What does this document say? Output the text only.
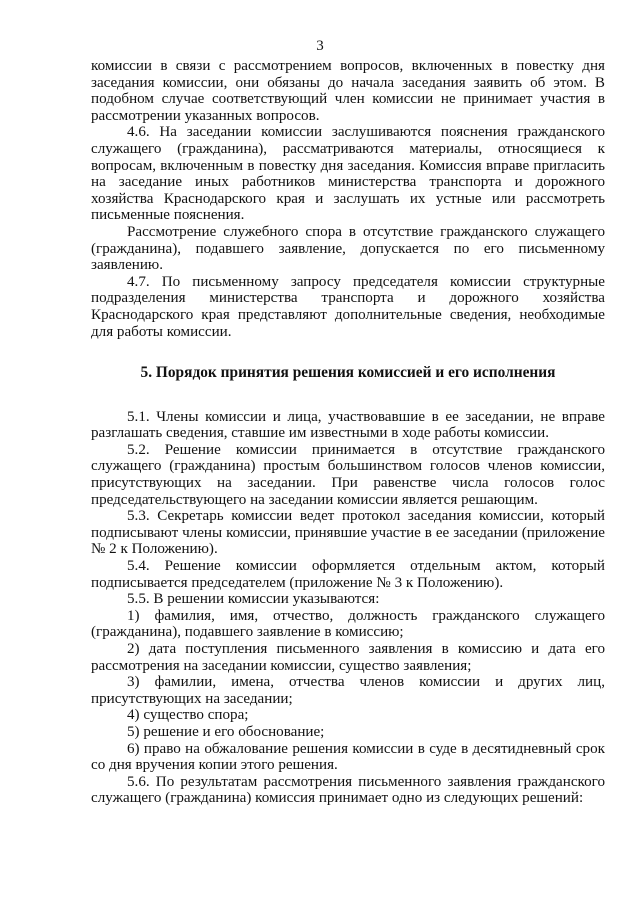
3

комиссии в связи с рассмотрением вопросов, включенных в повестку дня заседания комиссии, они обязаны до начала заседания заявить об этом. В подобном случае соответствующий член комиссии не принимает участия в рассмотрении указанных вопросов.

4.6. На заседании комиссии заслушиваются пояснения гражданского служащего (гражданина), рассматриваются материалы, относящиеся к вопросам, включенным в повестку дня заседания. Комиссия вправе пригласить на заседание иных работников министерства транспорта и дорожного хозяйства Краснодарского края и заслушать их устные или рассмотреть письменные пояснения.

Рассмотрение служебного спора в отсутствие гражданского служащего (гражданина), подавшего заявление, допускается по его письменному заявлению.

4.7. По письменному запросу председателя комиссии структурные подразделения министерства транспорта и дорожного хозяйства Краснодарского края представляют дополнительные сведения, необходимые для работы комиссии.

5. Порядок принятия решения комиссией и его исполнения

5.1. Члены комиссии и лица, участвовавшие в ее заседании, не вправе разглашать сведения, ставшие им известными в ходе работы комиссии.

5.2. Решение комиссии принимается в отсутствие гражданского служащего (гражданина) простым большинством голосов членов комиссии, присутствующих на заседании. При равенстве числа голосов голос председательствующего на заседании комиссии является решающим.

5.3. Секретарь комиссии ведет протокол заседания комиссии, который подписывают члены комиссии, принявшие участие в ее заседании (приложение № 2 к Положению).

5.4. Решение комиссии оформляется отдельным актом, который подписывается председателем (приложение № 3 к Положению).

5.5. В решении комиссии указываются:

1) фамилия, имя, отчество, должность гражданского служащего (гражданина), подавшего заявление в комиссию;

2) дата поступления письменного заявления в комиссию и дата его рассмотрения на заседании комиссии, существо заявления;

3) фамилии, имена, отчества членов комиссии и других лиц, присутствующих на заседании;

4) существо спора;

5) решение и его обоснование;

6) право на обжалование решения комиссии в суде в десятидневный срок со дня вручения копии этого решения.

5.6. По результатам рассмотрения письменного заявления гражданского служащего (гражданина) комиссия принимает одно из следующих решений:
